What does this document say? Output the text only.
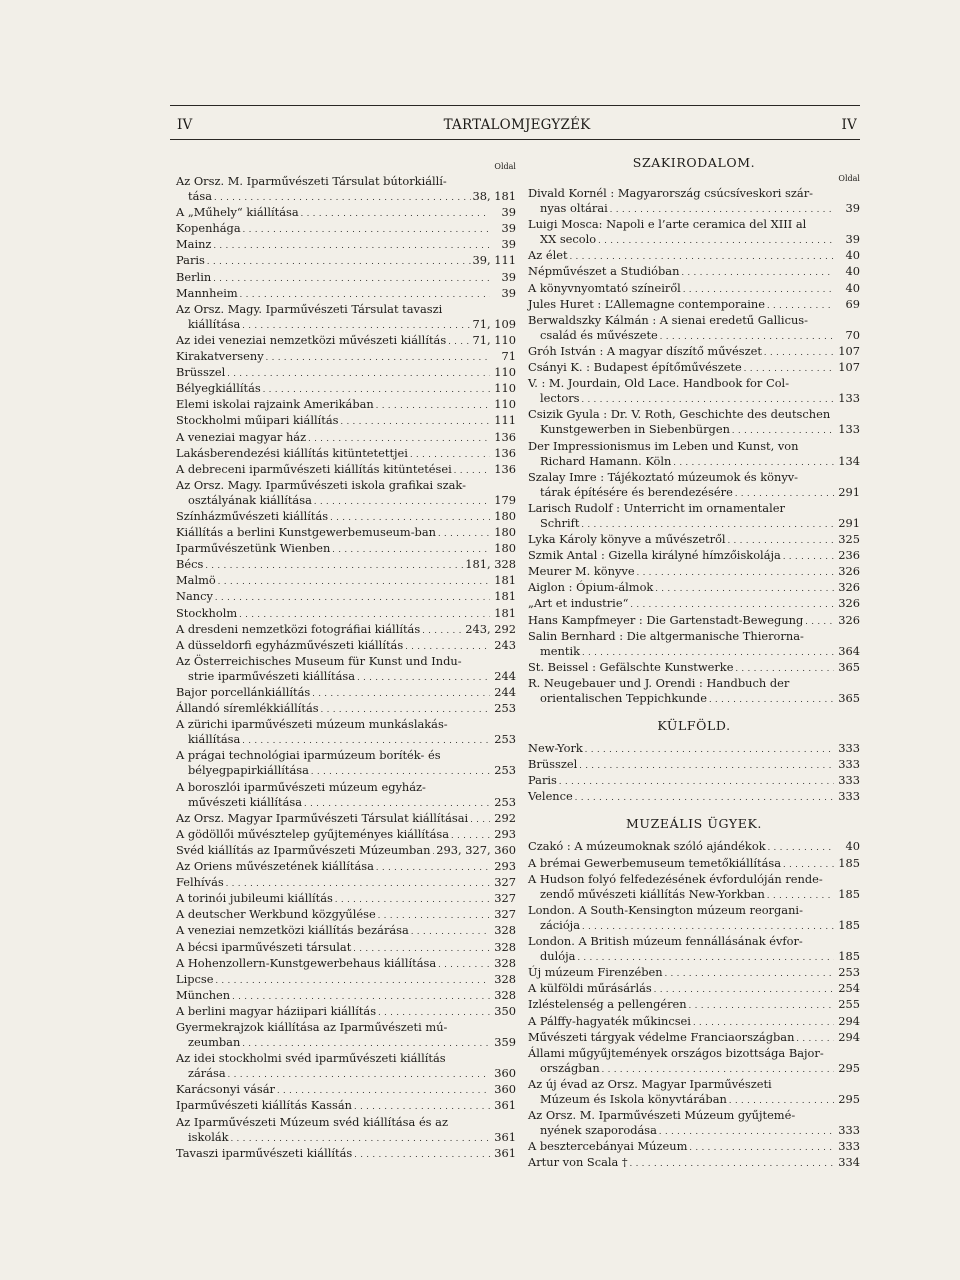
IV	TARTALOMJEGYZÉK	IV
Oldal
Az Orsz. M. Iparművészeti Társulat bútorkiállí-
tása . . .	38, 181
A „Műhely“ kiállítása . . .	39
Kopenhága . . .	39
Mainz . . .	39
Paris . . .	39, 111
Berlin . . .	39
Mannheim . . .	39
Az Orsz. Magy. Iparművészeti Társulat tavaszi
kiállítása . . .	71, 109
Az idei veneziai nemzetközi művészeti kiállítás . . . 71, 110
Kirakatverseny . . .	71
Brüsszel . . .	110
Bélyegkiállítás . . .	110
Elemi iskolai rajzaink Amerikában . . .	110
Stockholmi műipari kiállítás . . .	111
A veneziai magyar ház . . .	136
Lakásberendezési kiállítás kitüntetettjei . . .	136
A debreceni iparművészeti kiállítás kitüntetései . . .	136
Az Orsz. Magy. Iparművészeti iskola grafikai szak-
osztályának kiállítása . . .	179
Színházművészeti kiállítás . . .	180
Kiállítás a berlini Kunstgewerbemuseum-ban . . .	180
Iparművészetünk Wienben . . .	180
Bécs . . .	181, 328
Malmö . . .	181
Nancy . . .	181
Stockholm . . .	181
A dresdeni nemzetközi fotográfiai kiállítás . . .	243, 292
A düsseldorfi egyházművészeti kiállítás . . .	243
Az Österreichisches Museum für Kunst und Indu-
strie iparművészeti kiállítása . . .	244
Bajor porcellánkiállítás . . .	244
Állandó síremlékkiállítás . . .	253
A zürichi iparművészeti múzeum munkáslakás-
kiállítása . . .	253
A prágai technológiai iparmúzeum boríték- és
bélyegpapirkiállítása . . .	253
A boroszlói iparművészeti múzeum egyház-
művészeti kiállítása . . .	253
Az Orsz. Magyar Iparművészeti Társulat kiállításai . . . 292
A gödöllői művésztelep gyűjteményes kiállítása . . .	293
Svéd kiállítás az Iparművészeti Múzeumban . . . 293, 327, 360
Az Oriens művészetének kiállítása . . .	293
Felhívás . . .	327
A torinói jubileumi kiállítás . . .	327
A deutscher Werkbund közgyűlése . . .	327
A veneziai nemzetközi kiállítás bezárása . . .	328
A bécsi iparművészeti társulat . . .	328
A Hohenzollern-Kunstgewerbehaus kiállítása . . .	328
Lipcse . . .	328
München . . .	328
A berlini magyar háziipari kiállítás . . .	350
Gyermekrajzok kiállítása az Iparművészeti mú-
zeumban . . .	359
Az idei stockholmi svéd iparművészeti kiállítás
zárása . . .	360
Karácsonyi vásár . . .	360
Iparművészeti kiállítás Kassán . . .	361
Az Iparművészeti Múzeum svéd kiállítása és az
iskolák . . .	361
Tavaszi iparművészeti kiállítás . . .	361
SZAKIRODALOM.
Oldal
Divald Kornél : Magyarország csúcsíveskori szár-
nyas oltárai . . .	39
Luigi Mosca: Napoli e l’arte ceramica del XIII al
XX secolo . . .	39
Az élet . . .	40
Népművészet a Studióban . . .	40
A könyvnyomtató színeiről . . .	40
Jules Huret : L’Allemagne contemporaine . . .	69
Berwaldszky Kálmán : A sienai eredetű Gallicus-
család és művészete . . .	70
Gróh István : A magyar díszítő művészet . . .	107
Csányi K. : Budapest építőművészete . . .	107
V. : M. Jourdain, Old Lace. Handbook for Col-
lectors . . .	133
Csizik Gyula : Dr. V. Roth, Geschichte des deutschen
Kunstgewerben in Siebenbürgen . . .	133
Der Impressionismus im Leben und Kunst, von
Richard Hamann. Köln . . .	134
Szalay Imre : Tájékoztató múzeumok és könyv-
tárak építésére és berendezésére . . .	291
Larisch Rudolf : Unterricht im ornamentaler
Schrift . . .	291
Lyka Károly könyve a művészetről . . .	325
Szmik Antal : Gizella királyné hímzőiskolája . . .	236
Meurer M. könyve . . .	326
Aiglon : Ópium-álmok . . .	326
„Art et industrie“ . . .	326
Hans Kampfmeyer : Die Gartenstadt-Bewegung . . .	326
Salin Bernhard : Die altgermanische Thierorna-
mentik . . .	364
St. Beissel : Gefälschte Kunstwerke . . .	365
R. Neugebauer und J. Orendi : Handbuch der
orientalischen Teppichkunde . . .	365
KÜLFÖLD.
New-York . . .	333
Brüsszel . . .	333
Paris . . .	333
Velence . . .	333
MUZEÁLIS ÜGYEK.
Czakó : A múzeumoknak szóló ajándékok . . .	40
A brémai Gewerbemuseum temetőkiállítása . . .	185
A Hudson folyó felfedezésének évfordulóján rende-
zendő művészeti kiállítás New-Yorkban . . .	185
London. A South-Kensington múzeum reorgani-
zációja . . .	185
London. A British múzeum fennállásának évfor-
dulója . . .	185
Új múzeum Firenzében . . .	253
A külföldi műrásárlás . . .	254
Izléstelenség a pellengéren . . .	255
A Pálffy-hagyaték műkincsei . . .	294
Művészeti tárgyak védelme Franciaországban . . .	294
Állami műgyűjtemények országos bizottsága Bajor-
országban . . .	295
Az új évad az Orsz. Magyar Iparművészeti
Múzeum és Iskola könyvtárában . . .	295
Az Orsz. M. Iparművészeti Múzeum gyűjtemé-
nyének szaporodása . . .	333
A besztercebányai Múzeum . . .	333
Artur von Scala † . . .	334
